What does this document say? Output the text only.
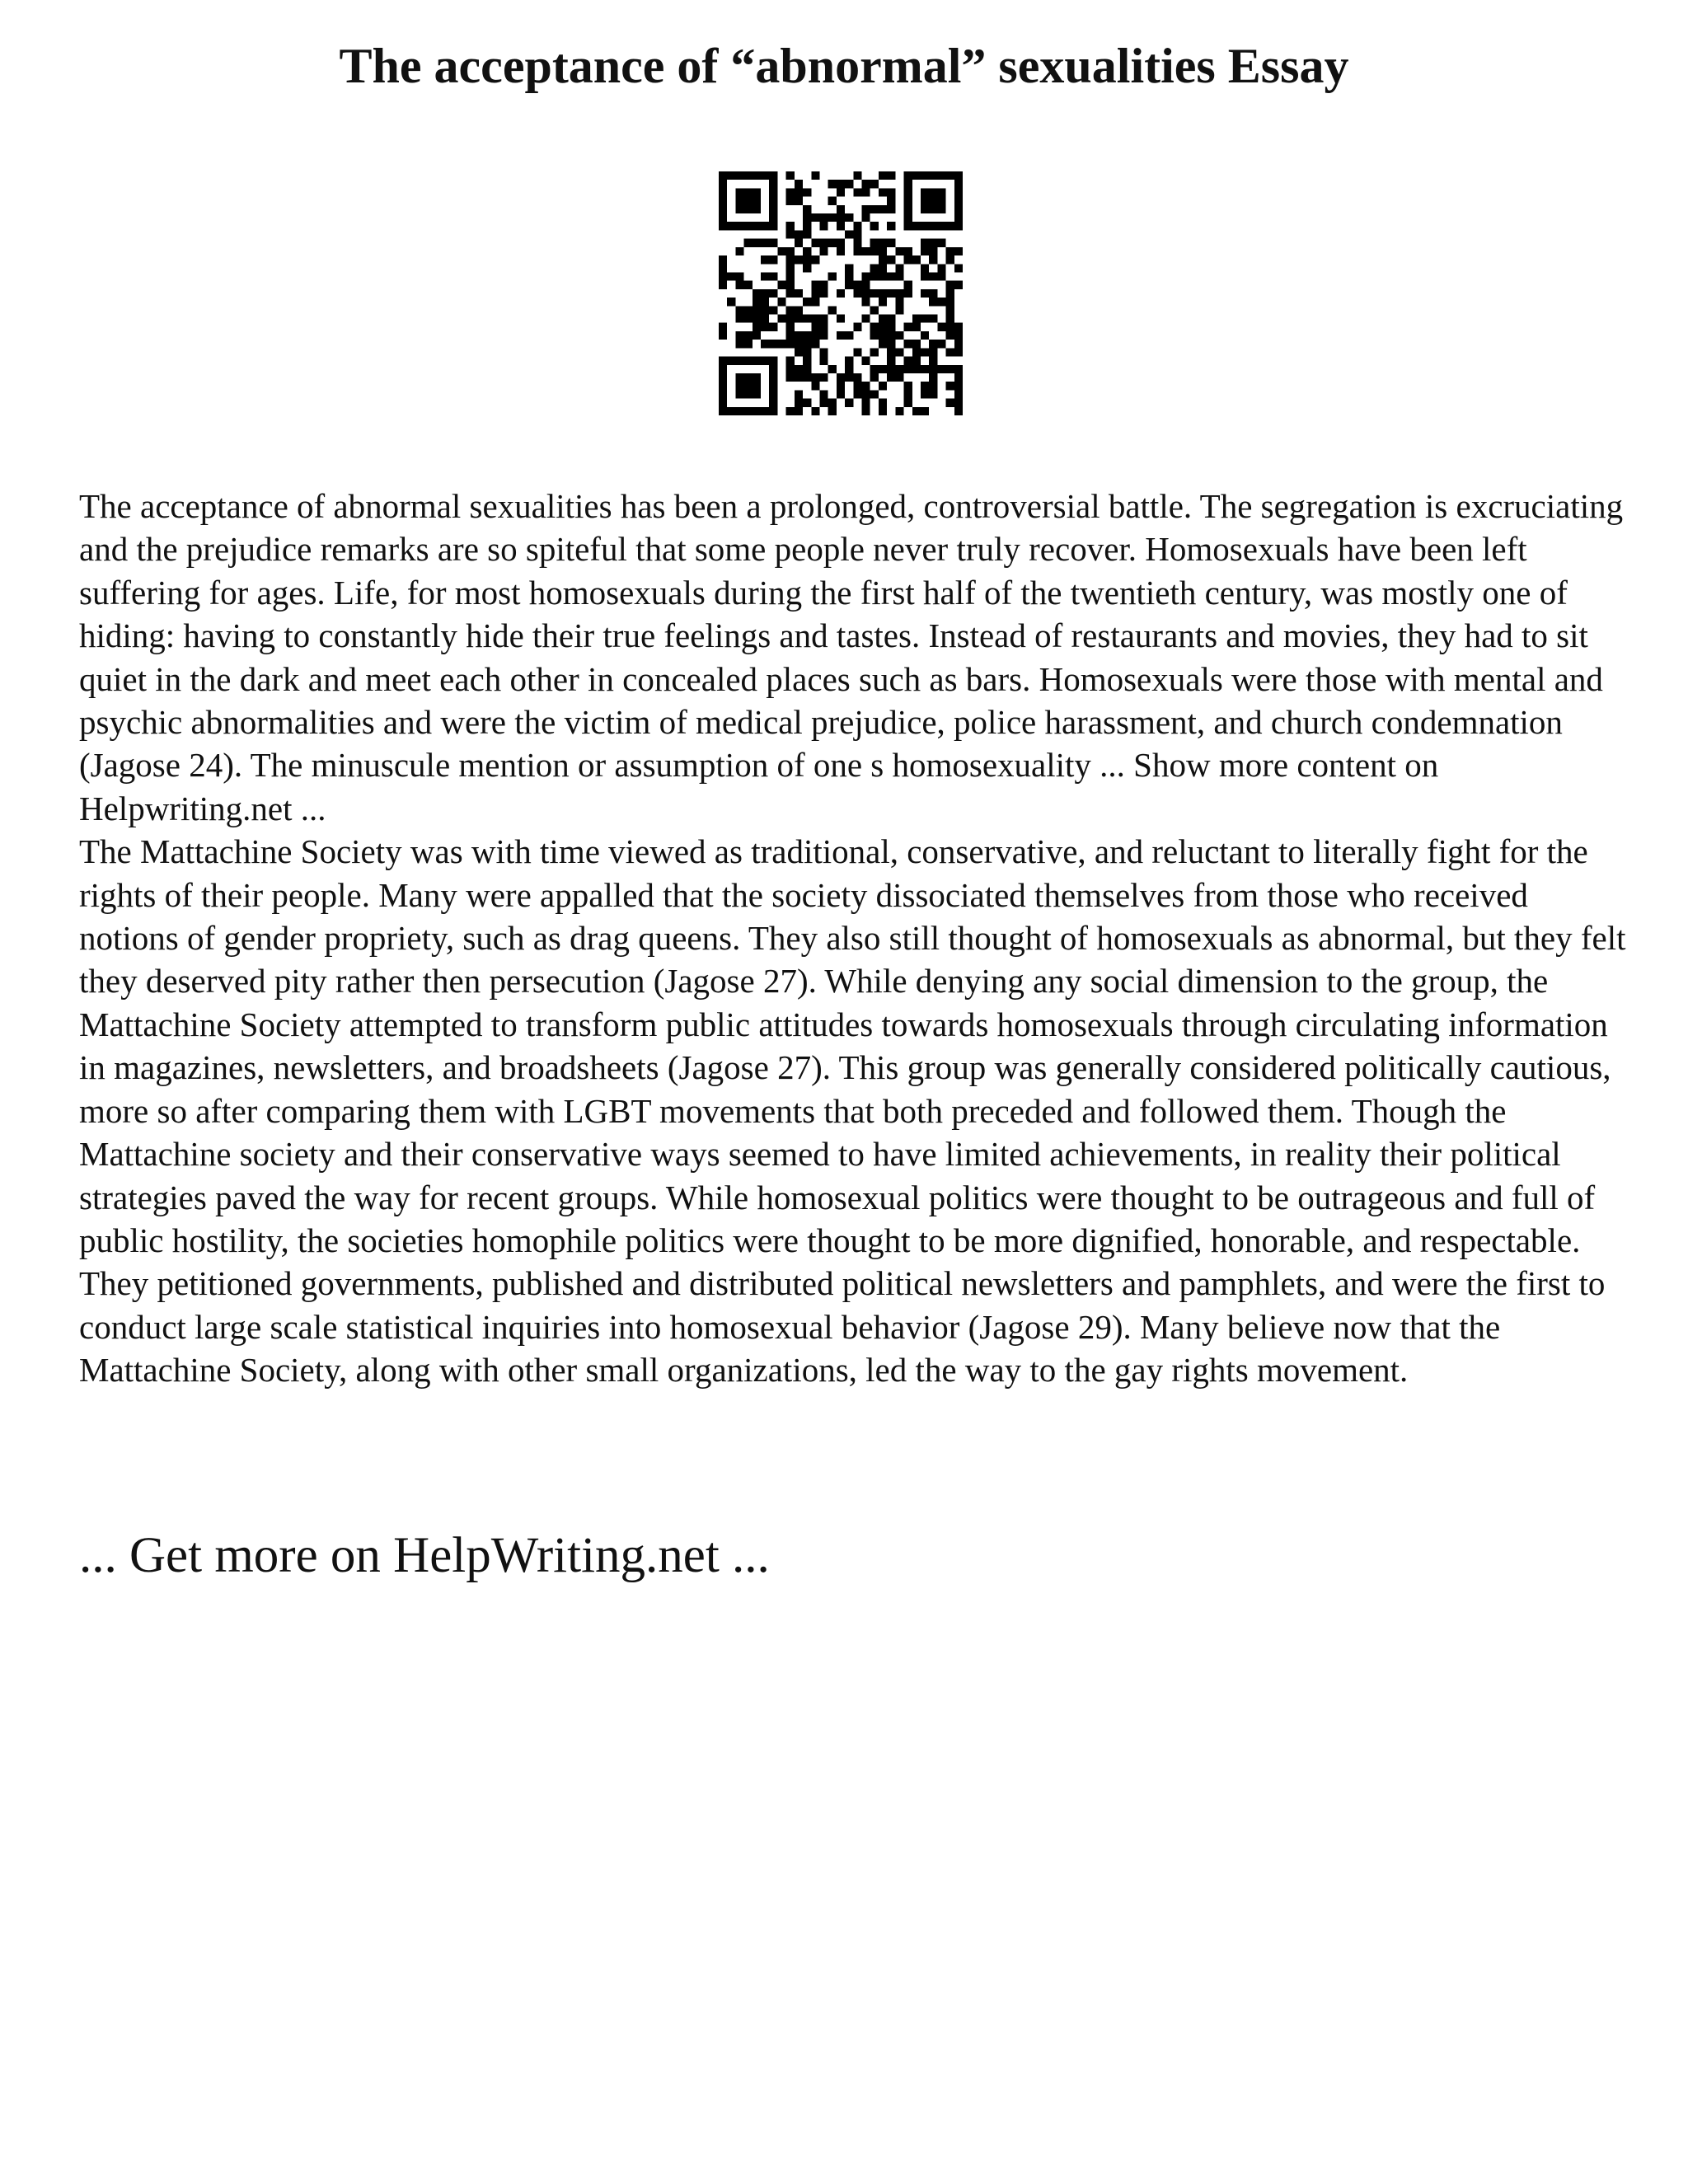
The acceptance of “abnormal” sexualities Essay

The acceptance of abnormal sexualities has been a prolonged, controversial battle. The segregation is excruciating and the prejudice remarks are so spiteful that some people never truly recover. Homosexuals have been left suffering for ages. Life, for most homosexuals during the first half of the twentieth century, was mostly one of hiding: having to constantly hide their true feelings and tastes. Instead of restaurants and movies, they had to sit quiet in the dark and meet each other in concealed places such as bars. Homosexuals were those with mental and psychic abnormalities and were the victim of medical prejudice, police harassment, and church condemnation (Jagose 24). The minuscule mention or assumption of one s homosexuality ... Show more content on Helpwriting.net ...

The Mattachine Society was with time viewed as traditional, conservative, and reluctant to literally fight for the rights of their people. Many were appalled that the society dissociated themselves from those who received notions of gender propriety, such as drag queens. They also still thought of homosexuals as abnormal, but they felt they deserved pity rather then persecution (Jagose 27). While denying any social dimension to the group, the Mattachine Society attempted to transform public attitudes towards homosexuals through circulating information in magazines, newsletters, and broadsheets (Jagose 27). This group was generally considered politically cautious, more so after comparing them with LGBT movements that both preceded and followed them. Though the Mattachine society and their conservative ways seemed to have limited achievements, in reality their political strategies paved the way for recent groups. While homosexual politics were thought to be outrageous and full of public hostility, the societies homophile politics were thought to be more dignified, honorable, and respectable. They petitioned governments, published and distributed political newsletters and pamphlets, and were the first to conduct large scale statistical inquiries into homosexual behavior (Jagose 29). Many believe now that the Mattachine Society, along with other small organizations, led the way to the gay rights movement.

... Get more on HelpWriting.net ...
